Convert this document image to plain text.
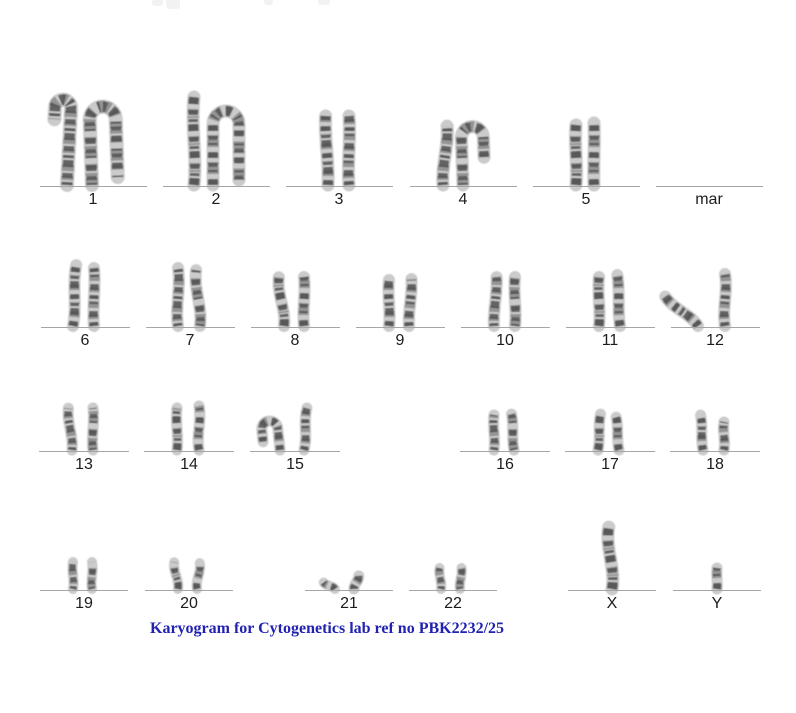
1	2	3	4	5	mar
6	7	8	9	10	11	12
13	14	15	16	17	18
19	20	21	22	X	Y
Karyogram for Cytogenetics lab ref no PBK2232/25
